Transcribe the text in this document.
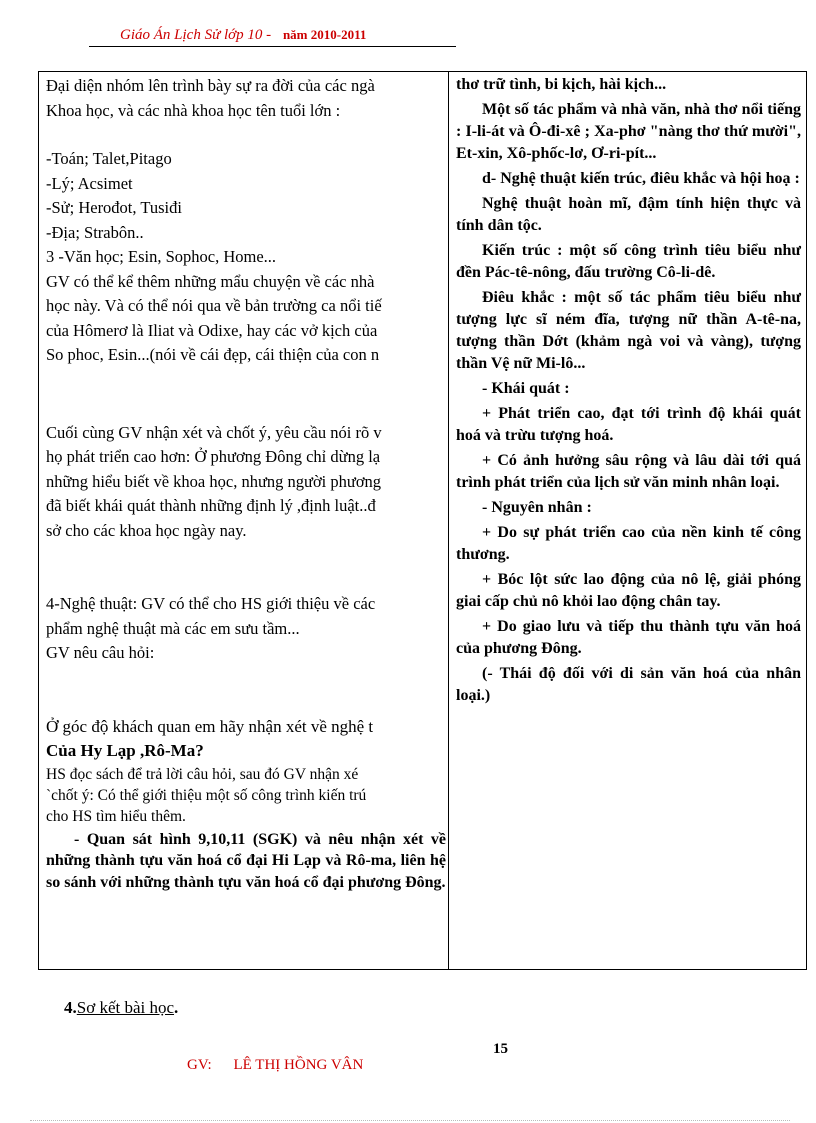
Giáo Án Lịch Sử lớp 10 - năm 2010-2011
Đại diện nhóm lên trình bày sự ra đời của các ngà
Khoa học, và các nhà khoa học tên tuổi lớn :
-Toán; Talet,Pitago
-Lý; Acsimet
-Sử; Herođot, Tusiđi
-Địa; Strabôn..
3 -Văn học; Esin, Sophoc, Home...
GV có thể kể thêm những mẩu chuyện về các nhà
học này. Và có thể nói qua về bản trường ca nổi tiế
của Hômerơ là Iliat và Odixe, hay các vở kịch của
So phoc, Esin...(nói về cái đẹp, cái thiện của con n
Cuối cùng GV nhận xét và chốt ý, yêu cầu nói rõ v
họ phát triển cao hơn: Ở phương Đông chỉ dừng lạ
những hiểu biết về khoa học, nhưng người phương
đã biết khái quát thành những định lý ,định luật..đ
sở cho các khoa học ngày nay.
4-Nghệ thuật: GV có thể cho HS giới thiệu về các
phẩm nghệ thuật mà các em sưu tầm...
GV nêu câu hỏi:
Ở góc độ khách quan em hãy nhận xét về nghệ t
Của Hy Lạp ,Rô-Ma?
HS đọc sách để trả lời câu hỏi, sau đó GV nhận xé
`chốt ý: Có thể giới thiệu một số công trình kiến trú
cho HS tìm hiểu thêm.
- Quan sát hình 9,10,11 (SGK) và nêu nhận xét về những thành tựu văn hoá cổ đại Hi Lạp và Rô-ma, liên hệ so sánh với những thành tựu văn hoá cổ đại phương Đông.

thơ trữ tình, bi kịch, hài kịch...

Một số tác phẩm và nhà văn, nhà thơ nổi tiếng : I-li-át và Ô-đi-xê ; Xa-phơ "nàng thơ thứ mười", Et-xin, Xô-phốc-lơ, Ơ-ri-pít...

d- Nghệ thuật kiến trúc, điêu khắc và hội hoạ :

Nghệ thuật hoàn mĩ, đậm tính hiện thực và tính dân tộc.

Kiến trúc : một số công trình tiêu biểu như đền Pác-tê-nông, đấu trường Cô-li-dê.

Điêu khắc : một số tác phẩm tiêu biểu như tượng lực sĩ ném đĩa, tượng nữ thần A-tê-na, tượng thần Dớt (khảm ngà voi và vàng), tượng thần Vệ nữ Mi-lô...

- Khái quát :

+ Phát triển cao, đạt tới trình độ khái quát hoá và trừu tượng hoá.

+ Có ảnh hưởng sâu rộng và lâu dài tới quá trình phát triển của lịch sử văn minh nhân loại.

- Nguyên nhân :

+ Do sự phát triển cao của nền kinh tế công thương.

+ Bóc lột sức lao động của nô lệ, giải phóng giai cấp chủ nô khỏi lao động chân tay.

+ Do giao lưu và tiếp thu thành tựu văn hoá của phương Đông.

(- Thái độ đối với di sản văn hoá của nhân loại.)

4.Sơ kết bài học.
15
GV: LÊ THỊ HỒNG VÂN
